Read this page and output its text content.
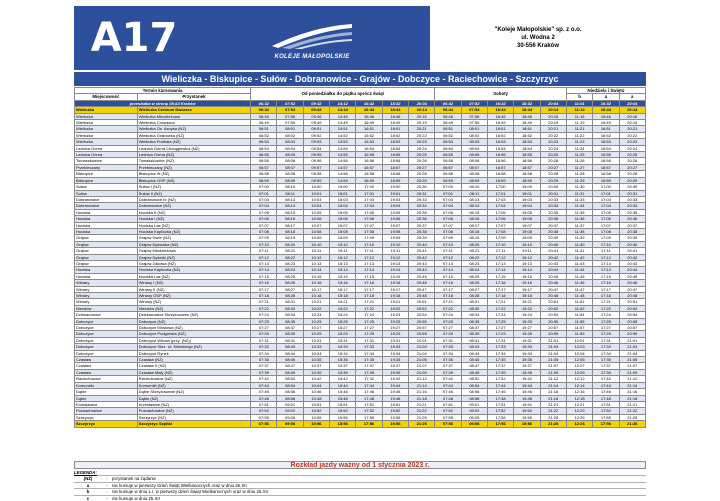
A17	KOLEJE MAŁOPOLSKIE
"Koleje Małopolskie" sp. z o.o.
ul. Wodna 2
30-556 Kraków
Wieliczka - Biskupice - Sułów - Dobranowice - Grajów - Dobczyce - Raciechowice - Szczyrzyc
Termin kursowania		Od poniedziałku do piątku oprócz świąt							Soboty					Niedziela i Święto		
Miejscowość	Przystanek													b	a	a
przesiadka w stronę SKA4 Kraków		06:32	07:52	09:32	14:12	16:32	18:32	20:04	06:32	07:52	16:32	18:32	20:04	11:01	16:32	20:04
Wieliczka	Wieliczka Centrum Dworzec	06:44	07:54	09:44	14:44	16:44	18:44	20:14	06:44	07:54	16:44	18:44	20:14	11:14	16:44	20:14
Wieliczka	Wieliczka Młodzieżowa	06:46	07:56	09:46	14:46	16:46	18:46	20:16	06:46	07:56	16:46	18:46	20:16	11:16	16:46	20:16
Wieliczka	Wieliczka Crosniaca	06:49	07:59	09:49	14:49	16:49	18:49	20:19	06:49	07:59	16:49	18:49	20:19	11:19	16:49	20:19
Wieliczka	Wieliczka Os. Asnyka (NŻ)	06:51	08:01	09:51	14:51	16:51	18:51	20:21	06:51	08:01	16:51	18:51	20:21	11:21	16:51	20:21
Wieliczka	Wieliczka Grabówka (NŻ)	06:52	08:02	09:52	14:52	16:52	18:52	20:22	06:52	08:02	16:52	18:52	20:22	11:22	16:52	20:22
Wieliczka	Wieliczka Podhala (NŻ)	06:53	08:03	09:53	14:53	16:53	18:53	20:23	06:53	08:03	16:53	18:53	20:23	11:23	16:53	20:23
Lednica Górna	Lednica Górna Chorągiewica (NŻ)	06:54	08:04	09:54	14:54	16:54	18:54	20:24	06:54	08:04	16:54	18:54	20:24	11:24	16:54	20:24
Lednica Górna	Lednica Górna (NŻ)	06:55	08:05	09:55	14:55	16:55	18:55	20:25	06:55	08:05	16:55	18:55	20:25	11:25	16:55	20:25
Tomaszkowice	Tomaszkowice (NŻ)	06:56	08:06	09:56	14:56	16:56	18:56	20:26	06:56	08:06	16:56	18:56	20:26	11:26	16:56	20:26
Przebieczany	Przebieczany (NŻ)	06:57	08:07	09:57	14:57	16:57	18:57	20:27	06:57	08:07	16:57	18:57	20:27	11:27	16:57	20:27
Biskupice	Biskupice III (NŻ)	06:58	08:08	09:58	14:58	16:58	18:58	20:28	06:58	08:08	16:58	18:58	20:28	11:28	16:58	20:28
Biskupice	Biskupice OSP (NŻ)	06:59	08:09	09:59	14:59	16:59	18:59	20:29	06:59	08:09	16:59	18:59	20:29	11:29	16:59	20:29
Sułów	Sułów I (NŻ)	07:00	08:10	10:00	15:00	17:00	19:00	20:30	07:00	08:10	17:00	19:00	20:30	11:30	17:00	20:30
Sułów	Sułów II (NŻ)	07:01	08:11	10:01	15:01	17:01	19:01	20:31	07:01	08:11	17:01	19:01	20:31	11:31	17:01	20:31
Dobranowice	Dobranowice III (NŻ)	07:03	08:13	10:03	15:03	17:03	19:03	20:33	07:03	08:13	17:03	19:03	20:33	11:33	17:03	20:33
Dobranowice	Dobranowice (NŻ)	07:04	08:14	10:04	15:04	17:04	19:04	20:34	07:04	08:14	17:04	19:04	20:34	11:34	17:04	20:34
Huciska	Huciska II (NŻ)	07:05	08:15	10:05	15:05	17:05	19:05	20:35	07:05	08:15	17:05	19:05	20:35	11:35	17:05	20:35
Huciska	Huciska I (NŻ)	07:06	08:16	10:06	15:06	17:06	19:06	20:36	07:06	08:16	17:06	19:06	20:36	11:36	17:06	20:36
Huciska	Huciska Las (NŻ)	07:07	08:17	10:07	15:07	17:07	19:07	20:37	07:07	08:17	17:07	19:07	20:37	11:37	17:07	20:37
Huciska	Huciska Kapliczka (NŻ)	07:08	08:18	10:08	15:08	17:08	19:08	20:38	07:08	08:18	17:08	19:08	20:38	11:38	17:08	20:38
Grajów	Grajów Dwór (NŻ)	07:09	08:19	10:09	15:09	17:09	19:09	20:39	07:09	08:19	17:09	19:09	20:39	11:39	17:09	20:39
Grajów	Grajów Dębówka (NŻ)	07:10	08:20	10:10	15:10	17:10	19:10	20:40	07:10	08:20	17:10	19:10	20:40	11:40	17:10	20:40
Grajów	Grajów Młodzieżowa	07:11	08:21	10:11	15:11	17:11	19:11	20:41	07:11	08:21	17:11	19:11	20:41	11:41	17:11	20:41
Grajów	Grajów Dębniki (NŻ)	07:12	08:22	10:12	15:12	17:12	19:12	20:42	07:12	08:22	17:12	19:12	20:42	11:42	17:12	20:42
Grajów	Grajów Zakowa (NŻ)	07:13	08:23	10:13	15:13	17:13	19:13	20:43	07:13	08:23	17:13	19:13	20:43	11:43	17:13	20:43
Huciska	Huciska Kapliczka (NŻ)	07:14	08:24	10:14	15:14	17:14	19:14	20:44	07:14	08:24	17:14	19:14	20:44	11:44	17:14	20:44
Huciska	Huciska Las (NŻ)	07:15	08:25	10:15	15:15	17:15	19:15	20:45	07:15	08:25	17:15	19:15	20:45	11:45	17:15	20:45
Winiary	Winiary I (NŻ)	07:16	08:26	10:16	15:16	17:16	19:16	20:46	07:16	08:26	17:16	19:16	20:46	11:46	17:16	20:46
Winiary	Winiary II (NŻ)	07:17	08:27	10:17	15:17	17:17	19:17	20:47	07:17	08:27	17:17	19:17	20:47	11:47	17:17	20:47
Winiary	Winiary OSP (NŻ)	07:18	08:28	10:18	15:18	17:18	19:18	20:48	07:18	08:28	17:18	19:18	20:48	11:48	17:18	20:48
Winiary	Winiary (NŻ)	07:21	08:31	10:21	15:21	17:21	19:21	20:51	07:21	08:31	17:21	19:21	20:51	11:51	17:21	20:51
Niezdów	Niezdów (NŻ)	07:22	08:32	10:22	15:22	17:22	19:22	20:52	07:22	08:32	17:22	19:22	20:52	11:52	17:22	20:52
Dziekanowice	Dziekanowice Skrzyżowanie (NŻ)	07:24	08:34	10:24	15:24	17:24	19:24	20:54	07:24	08:34	17:24	19:24	20:54	11:54	17:24	20:54
Dobczyce	Dobczyce (NŻ)	07:25	08:35	10:25	15:25	17:25	19:25	20:55	07:25	08:35	17:25	19:25	20:55	11:55	17:25	20:55
Dobczyce	Dobczyce Mostowa (NŻ)	07:27	08:37	10:27	15:27	17:27	19:27	20:57	07:27	08:37	17:27	19:27	20:57	11:57	17:27	20:57
Dobczyce	Dobczyce Podgórska (NŻ)	07:29	08:39	10:29	15:29	17:29	19:29	20:59	07:29	08:39	17:29	19:29	20:59	11:59	17:29	20:59
Dobczyce	Dobczyce Witosa (przy. (NŻ))	07:31	08:41	10:31	15:31	17:31	19:31	21:01	07:31	08:41	17:31	19:31	21:01	12:01	17:31	21:01
Dobczyce	Dobczyce Skrz. Ul. Kilińskiego (NŻ)	07:33	08:43	10:33	15:33	17:33	19:33	21:03	07:33	08:43	17:33	19:33	21:03	12:03	17:33	21:03
Dobczyce	Dobczyce Rynek	07:34	08:44	10:34	15:34	17:34	19:34	21:04	07:34	08:44	17:34	19:34	21:04	12:04	17:34	21:04
Czasław	Czasław (NŻ)	07:35	08:45	10:35	15:35	17:35	19:35	21:05	07:35	08:45	17:35	19:35	21:05	12:05	17:35	21:05
Czasław	Czasław II (NŻ)	07:37	08:47	10:37	15:37	17:37	19:37	21:07	07:37	08:47	17:37	19:37	21:07	12:07	17:37	21:07
Czasław	Czasław Mały (NŻ)	07:39	08:49	10:39	15:39	17:39	19:39	21:09	07:39	08:49	17:39	19:39	21:09	12:09	17:39	21:09
Raciechowice	Raciechowice (NŻ)	07:42	08:52	10:42	15:42	17:42	19:42	21:12	07:42	08:52	17:42	19:42	21:12	12:12	17:42	21:12
Komorniki	Komorniki (NŻ)	07:44	08:54	10:44	15:44	17:44	19:44	21:14	07:44	08:54	17:44	19:44	21:14	12:14	17:44	21:14
Dąbie	Dąbie Skrzyżowanie (NŻ)	07:46	08:56	10:46	15:46	17:46	19:46	21:16	07:46	08:56	17:46	19:46	21:16	12:16	17:46	21:16
Dąbie	Dąbie (NŻ)	07:48	08:58	10:48	15:48	17:48	19:48	21:18	07:48	08:58	17:48	19:48	21:18	12:18	17:48	21:18
Krzesławice	Krzesławice (NŻ)	07:51	09:01	10:51	15:51	17:51	19:51	21:21	07:51	09:01	17:51	19:51	21:21	12:21	17:51	21:21
Poznachowice	Poznachowice (NŻ)	07:52	09:02	10:52	15:52	17:52	19:52	21:22	07:52	09:02	17:52	19:52	21:22	12:22	17:52	21:22
Szczyrzyc	Szczyrzyc (NŻ)	07:55	09:05	10:55	15:55	17:55	19:55	21:25	07:55	09:05	17:55	19:55	21:25	12:25	17:55	21:25
Szczyrzyc	Szczyrzyc Szpital	07:56	09:06	10:56	15:56	17:56	19:56	21:26	07:56	09:06	17:56	19:56	21:26	12:26	17:56	21:26
Rozkład jazdy ważny od 1 stycznia 2023 r.
LEGENDA:
(NŻ)	- przystanek na żądanie
a	- nie kursuje w pierwszy dzień Świąt Wielkanocnych oraz w dniu 25.XII
b	- nie kursuje w dniu 1.I, w pierwszy dzień Świąt Wielkanocnych oraz w dniu 25.XII
c	- nie kursuje w dniu 25.XII
